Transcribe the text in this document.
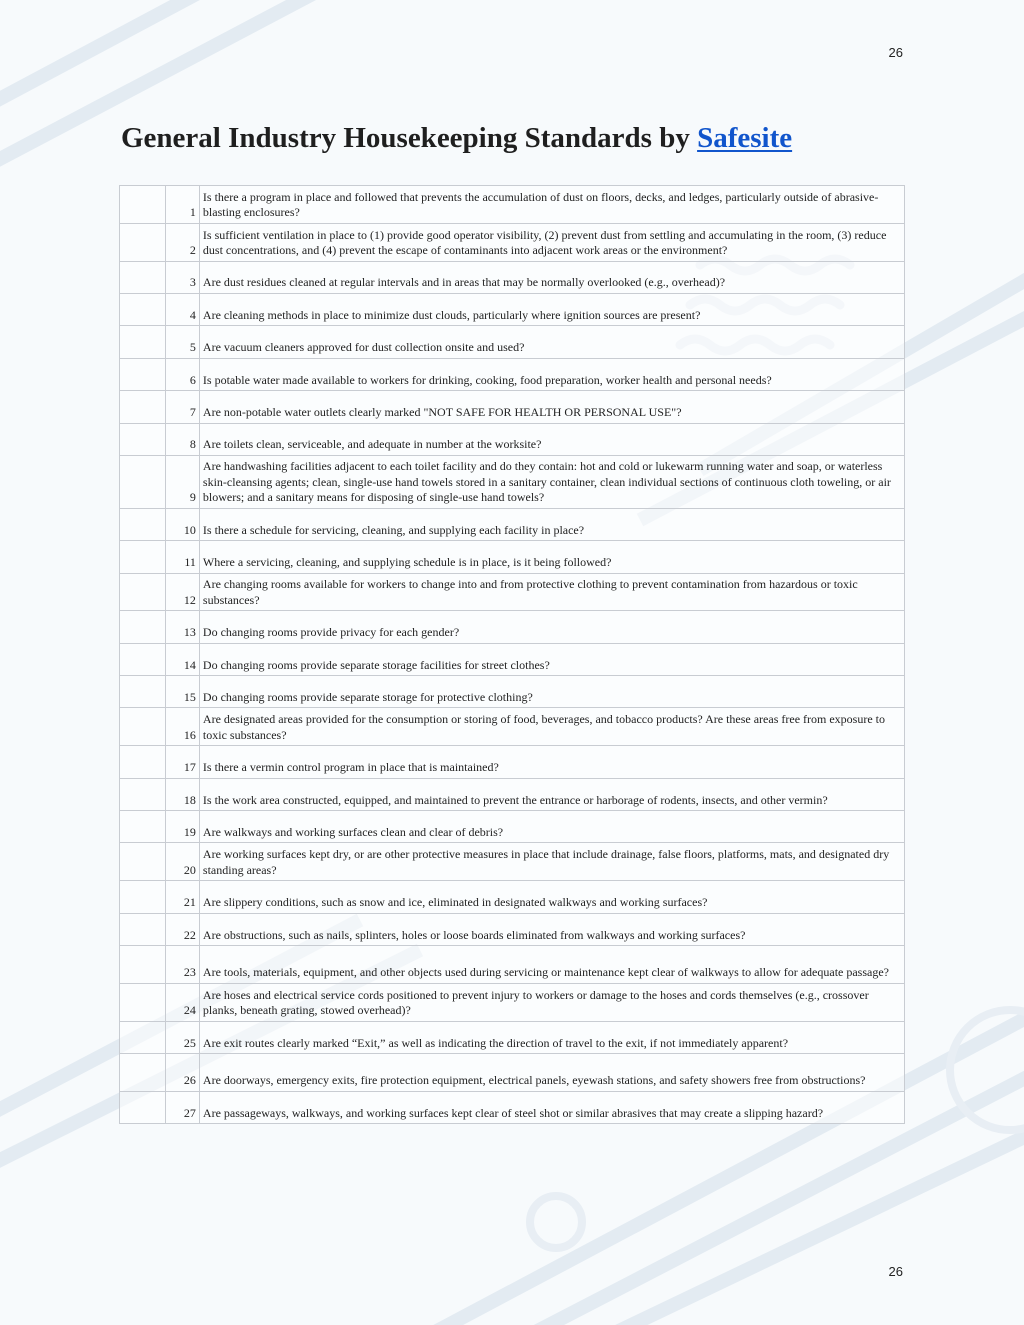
26
General Industry Housekeeping Standards by Safesite
	1	Is there a program in place and followed that prevents the accumulation of dust on floors, decks, and ledges, particularly outside of abrasive-blasting enclosures?
	2	Is sufficient ventilation in place to (1) provide good operator visibility, (2) prevent dust from settling and accumulating in the room, (3) reduce dust concentrations, and (4) prevent the escape of contaminants into adjacent work areas or the environment?
	3	Are dust residues cleaned at regular intervals and in areas that may be normally overlooked (e.g., overhead)?
	4	Are cleaning methods in place to minimize dust clouds, particularly where ignition sources are present?
	5	Are vacuum cleaners approved for dust collection onsite and used?
	6	Is potable water made available to workers for drinking, cooking, food preparation, worker health and personal needs?
	7	Are non-potable water outlets clearly marked "NOT SAFE FOR HEALTH OR PERSONAL USE"?
	8	Are toilets clean, serviceable, and adequate in number at the worksite?
	9	Are handwashing facilities adjacent to each toilet facility and do they contain: hot and cold or lukewarm running water and soap, or waterless skin-cleansing agents; clean, single-use hand towels stored in a sanitary container, clean individual sections of continuous cloth toweling, or air blowers; and a sanitary means for disposing of single-use hand towels?
	10	Is there a schedule for servicing, cleaning, and supplying each facility in place?
	11	Where a servicing, cleaning, and supplying schedule is in place, is it being followed?
	12	Are changing rooms available for workers to change into and from protective clothing to prevent contamination from hazardous or toxic substances?
	13	Do changing rooms provide privacy for each gender?
	14	Do changing rooms provide separate storage facilities for street clothes?
	15	Do changing rooms provide separate storage for protective clothing?
	16	Are designated areas provided for the consumption or storing of food, beverages, and tobacco products? Are these areas free from exposure to toxic substances?
	17	Is there a vermin control program in place that is maintained?
	18	Is the work area constructed, equipped, and maintained to prevent the entrance or harborage of rodents, insects, and other vermin?
	19	Are walkways and working surfaces clean and clear of debris?
	20	Are working surfaces kept dry, or are other protective measures in place that include drainage, false floors, platforms, mats, and designated dry standing areas?
	21	Are slippery conditions, such as snow and ice, eliminated in designated walkways and working surfaces?
	22	Are obstructions, such as nails, splinters, holes or loose boards eliminated from walkways and working surfaces?
	23	Are tools, materials, equipment, and other objects used during servicing or maintenance kept clear of walkways to allow for adequate passage?
	24	Are hoses and electrical service cords positioned to prevent injury to workers or damage to the hoses and cords themselves (e.g., crossover planks, beneath grating, stowed overhead)?
	25	Are exit routes clearly marked “Exit,” as well as indicating the direction of travel to the exit, if not immediately apparent?
	26	Are doorways, emergency exits, fire protection equipment, electrical panels, eyewash stations, and safety showers free from obstructions?
	27	Are passageways, walkways, and working surfaces kept clear of steel shot or similar abrasives that may create a slipping hazard?
26
